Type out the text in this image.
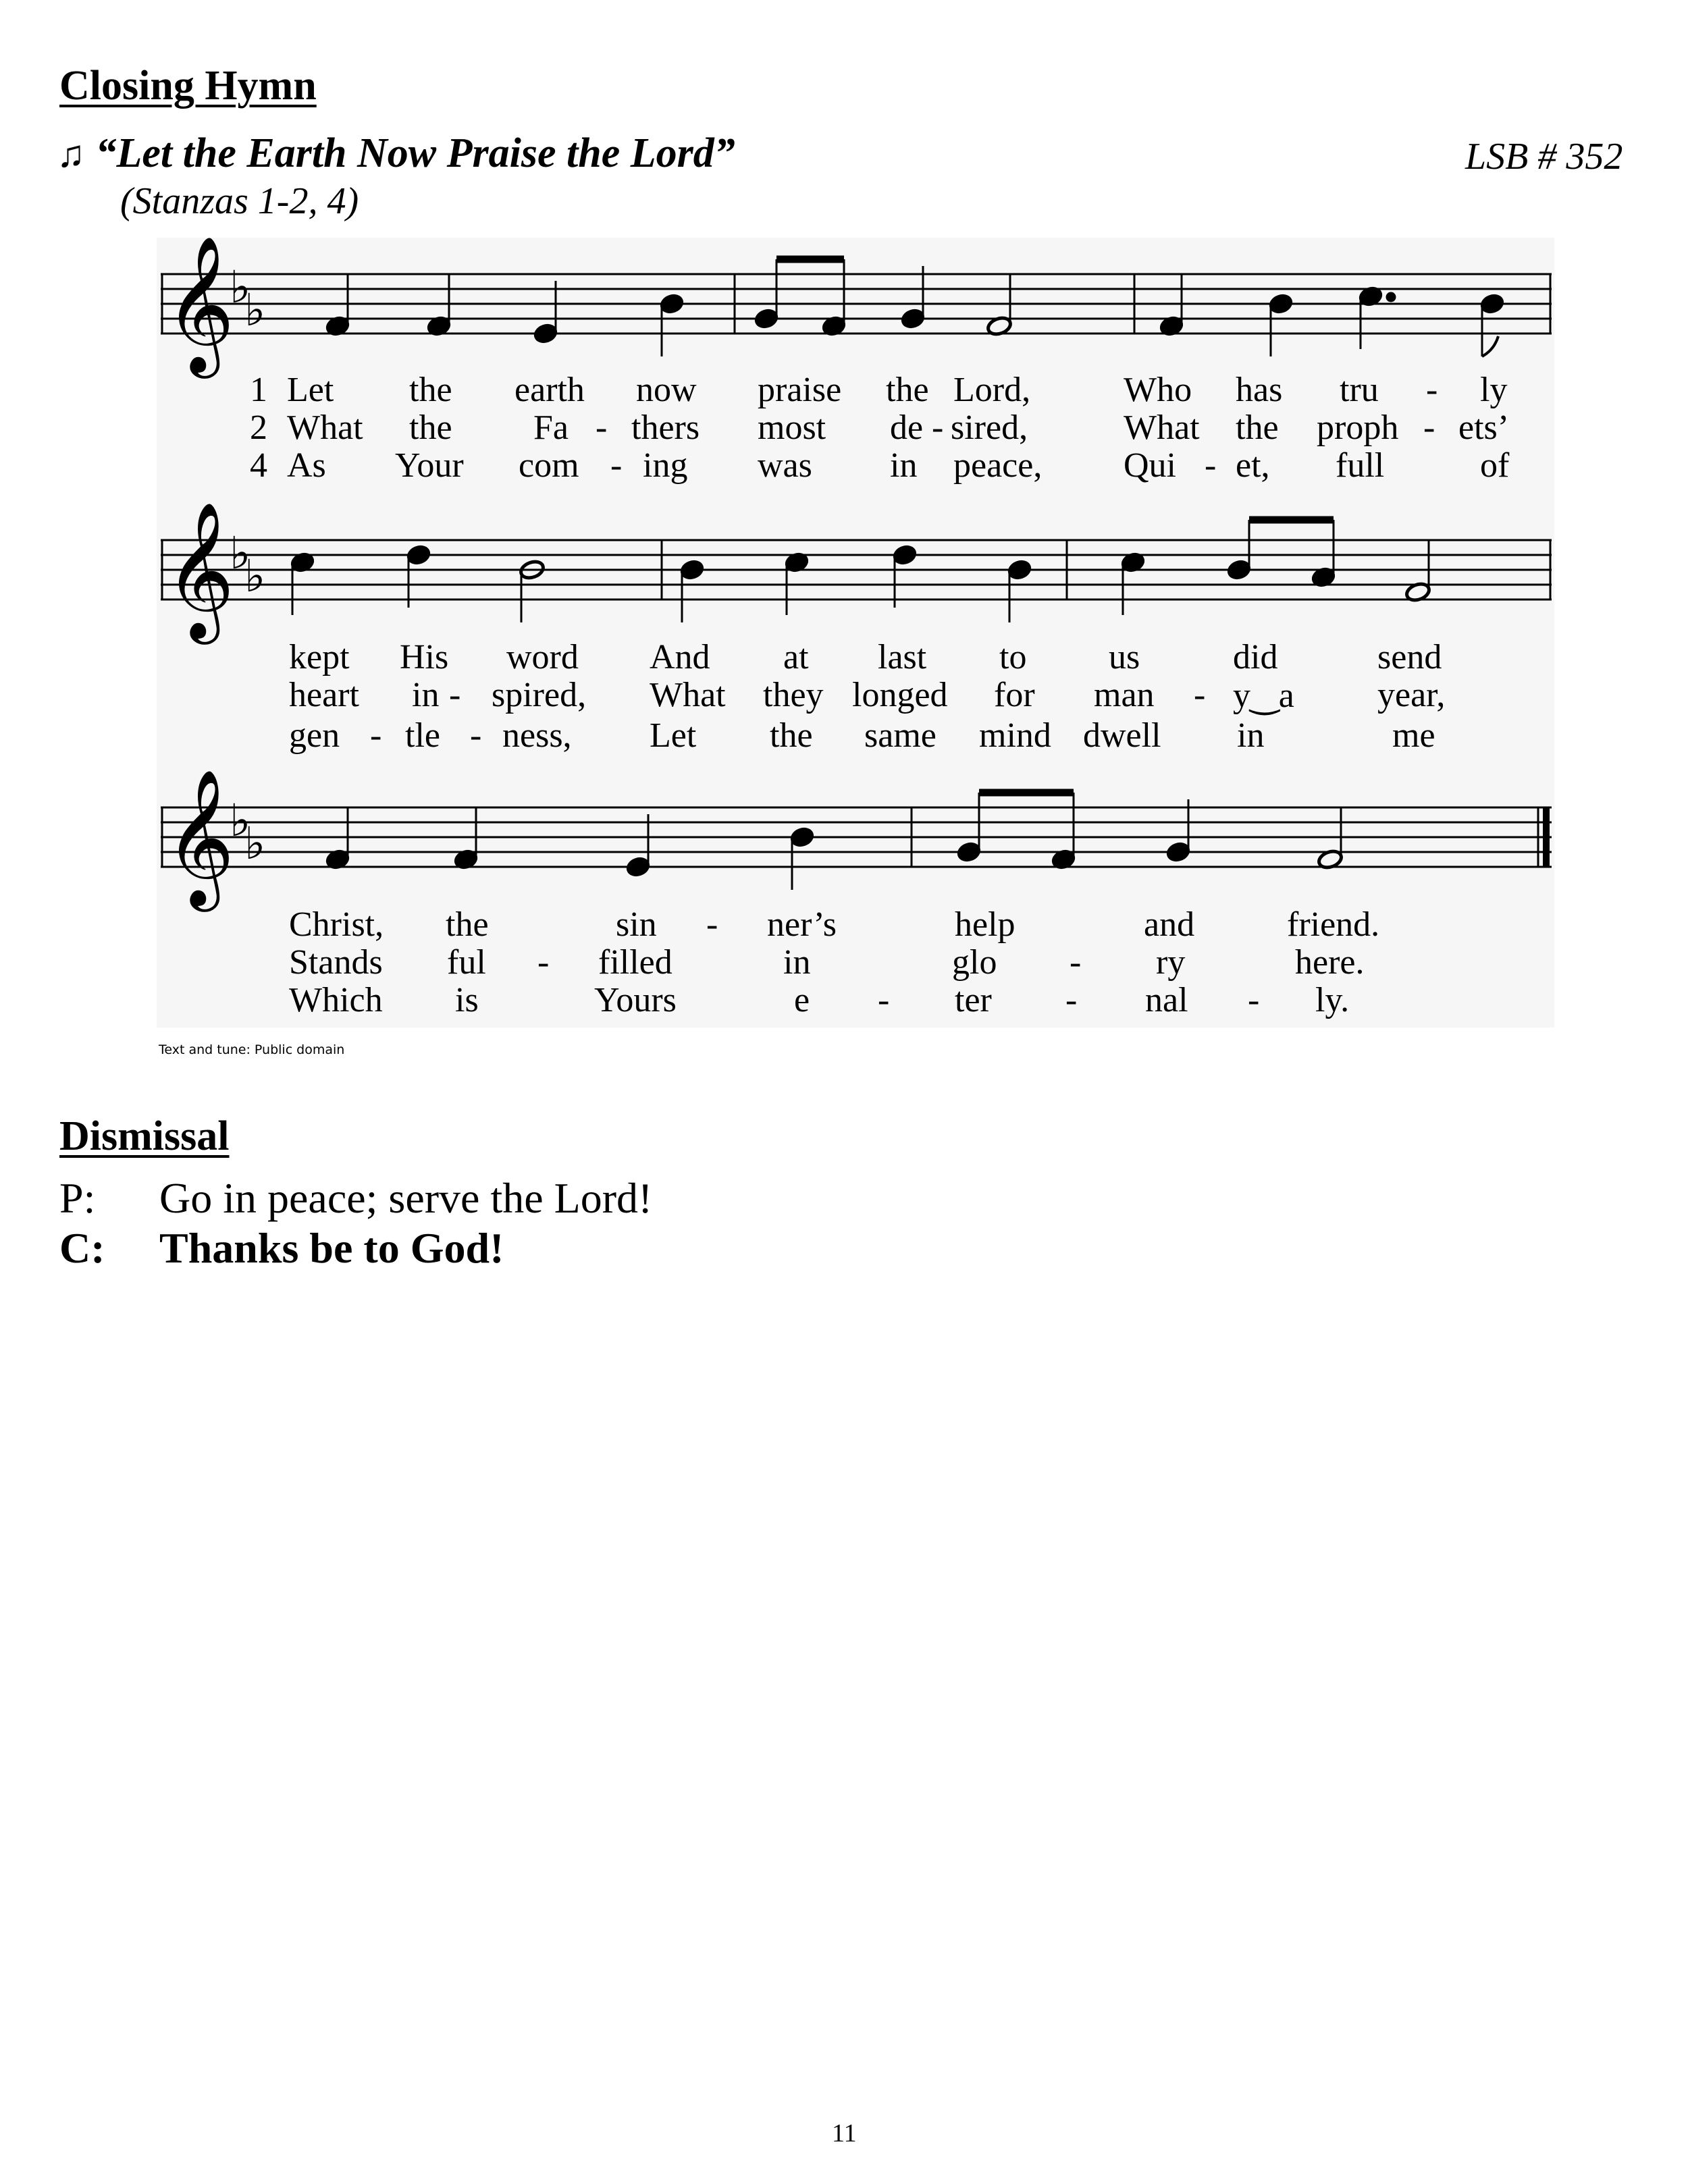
Closing Hymn
♫ “Let the Earth Now Praise the Lord”	LSB # 352
(Stanzas 1-2, 4)
𝄞
♭
♭
𝄞
♭
♭
𝄞
♭
♭
1
2
4
Let the earth now praise the Lord,	Who has tru - ly
What the Fa - thers most de - sired,	What the proph - ets’
As Your com - ing was in peace, Qui - et, full	of
kept His word And at last to us	did	send
heart in - spired, What they longed for man - y‿a year,
gen - tle - ness, Let the same mind dwell in	me
Christ, the	sin - ner’s	help	and	friend.
Stands ful - filled	in	glo - ry	here.
Which is	Yours	e - ter - nal - ly.
Text and tune: Public domain
Dismissal
P: Go in peace; serve the Lord!
C: Thanks be to God!
11
